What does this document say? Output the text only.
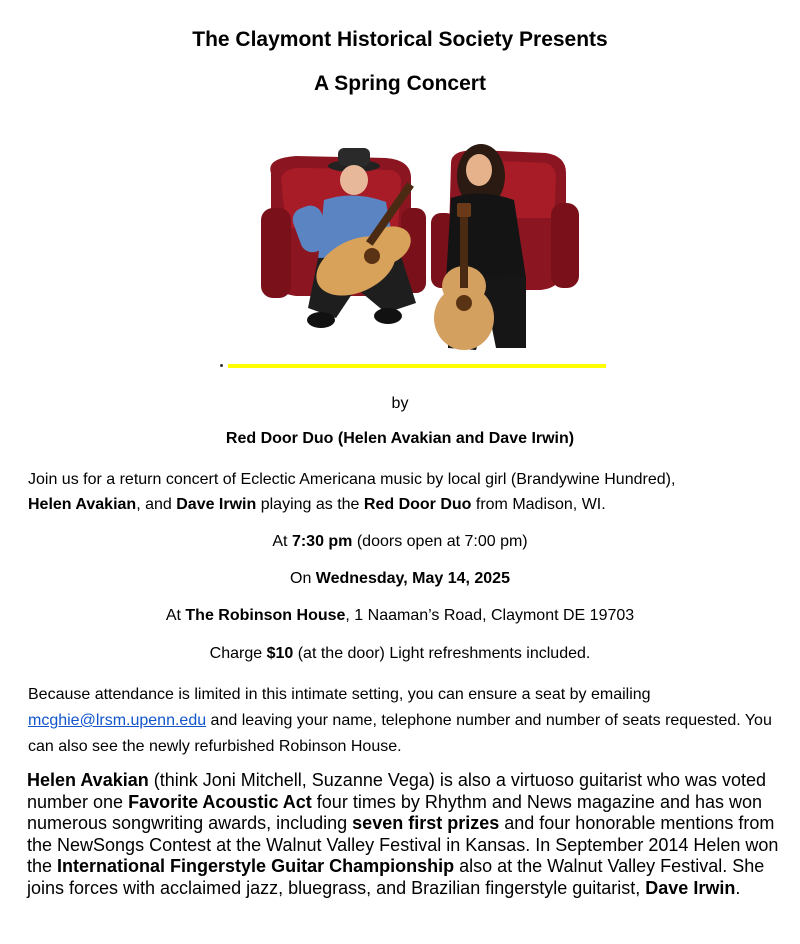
The Claymont Historical Society Presents
A Spring Concert
by
Red Door Duo (Helen Avakian and Dave Irwin)
Join us for a return concert of Eclectic Americana music by local girl (Brandywine Hundred),
Helen Avakian, and Dave Irwin playing as the Red Door Duo from Madison, WI.
At 7:30 pm (doors open at 7:00 pm)
On Wednesday, May 14, 2025
At The Robinson House, 1 Naaman’s Road, Claymont DE 19703
Charge $10 (at the door) Light refreshments included.
Because attendance is limited in this intimate setting, you can ensure a seat by emailing
mcghie@lrsm.upenn.edu and leaving your name, telephone number and number of seats requested. You can also see the newly refurbished Robinson House.
Helen Avakian (think Joni Mitchell, Suzanne Vega) is also a virtuoso guitarist who was voted number one Favorite Acoustic Act four times by Rhythm and News magazine and has won numerous songwriting awards, including seven first prizes and four honorable mentions from the NewSongs Contest at the Walnut Valley Festival in Kansas. In September 2014 Helen won the International Fingerstyle Guitar Championship also at the Walnut Valley Festival. She joins forces with acclaimed jazz, bluegrass, and Brazilian fingerstyle guitarist, Dave Irwin.
